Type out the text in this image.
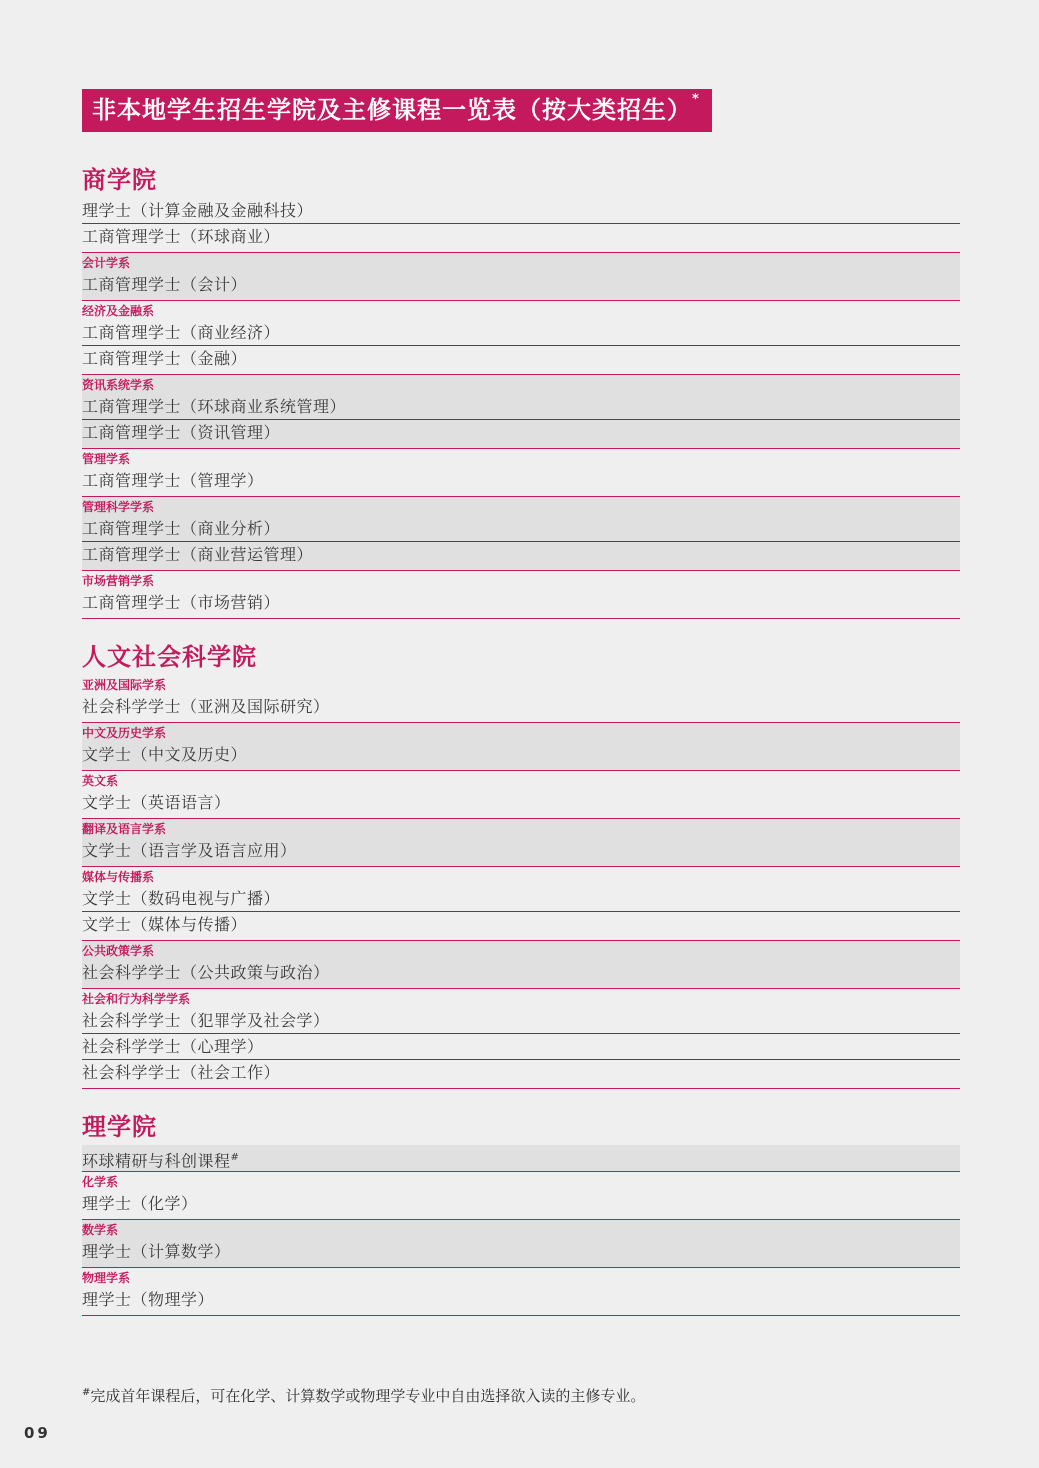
非本地学生招生学院及主修课程一览表（按大类招生）*
商学院
理学士（计算金融及金融科技）
工商管理学士（环球商业）
会计学系
工商管理学士（会计）
经济及金融系
工商管理学士（商业经济）
工商管理学士（金融）
资讯系统学系
工商管理学士（环球商业系统管理）
工商管理学士（资讯管理）
管理学系
工商管理学士（管理学）
管理科学学系
工商管理学士（商业分析）
工商管理学士（商业营运管理）
市场营销学系
工商管理学士（市场营销）
人文社会科学院
亚洲及国际学系
社会科学学士（亚洲及国际研究）
中文及历史学系
文学士（中文及历史）
英文系
文学士（英语语言）
翻译及语言学系
文学士（语言学及语言应用）
媒体与传播系
文学士（数码电视与广播）
文学士（媒体与传播）
公共政策学系
社会科学学士（公共政策与政治）
社会和行为科学学系
社会科学学士（犯罪学及社会学）
社会科学学士（心理学）
社会科学学士（社会工作）
理学院
环球精研与科创课程#
化学系
理学士（化学）
数学系
理学士（计算数学）
物理学系
理学士（物理学）
#完成首年课程后，可在化学、计算数学或物理学专业中自由选择欲入读的主修专业。
09
